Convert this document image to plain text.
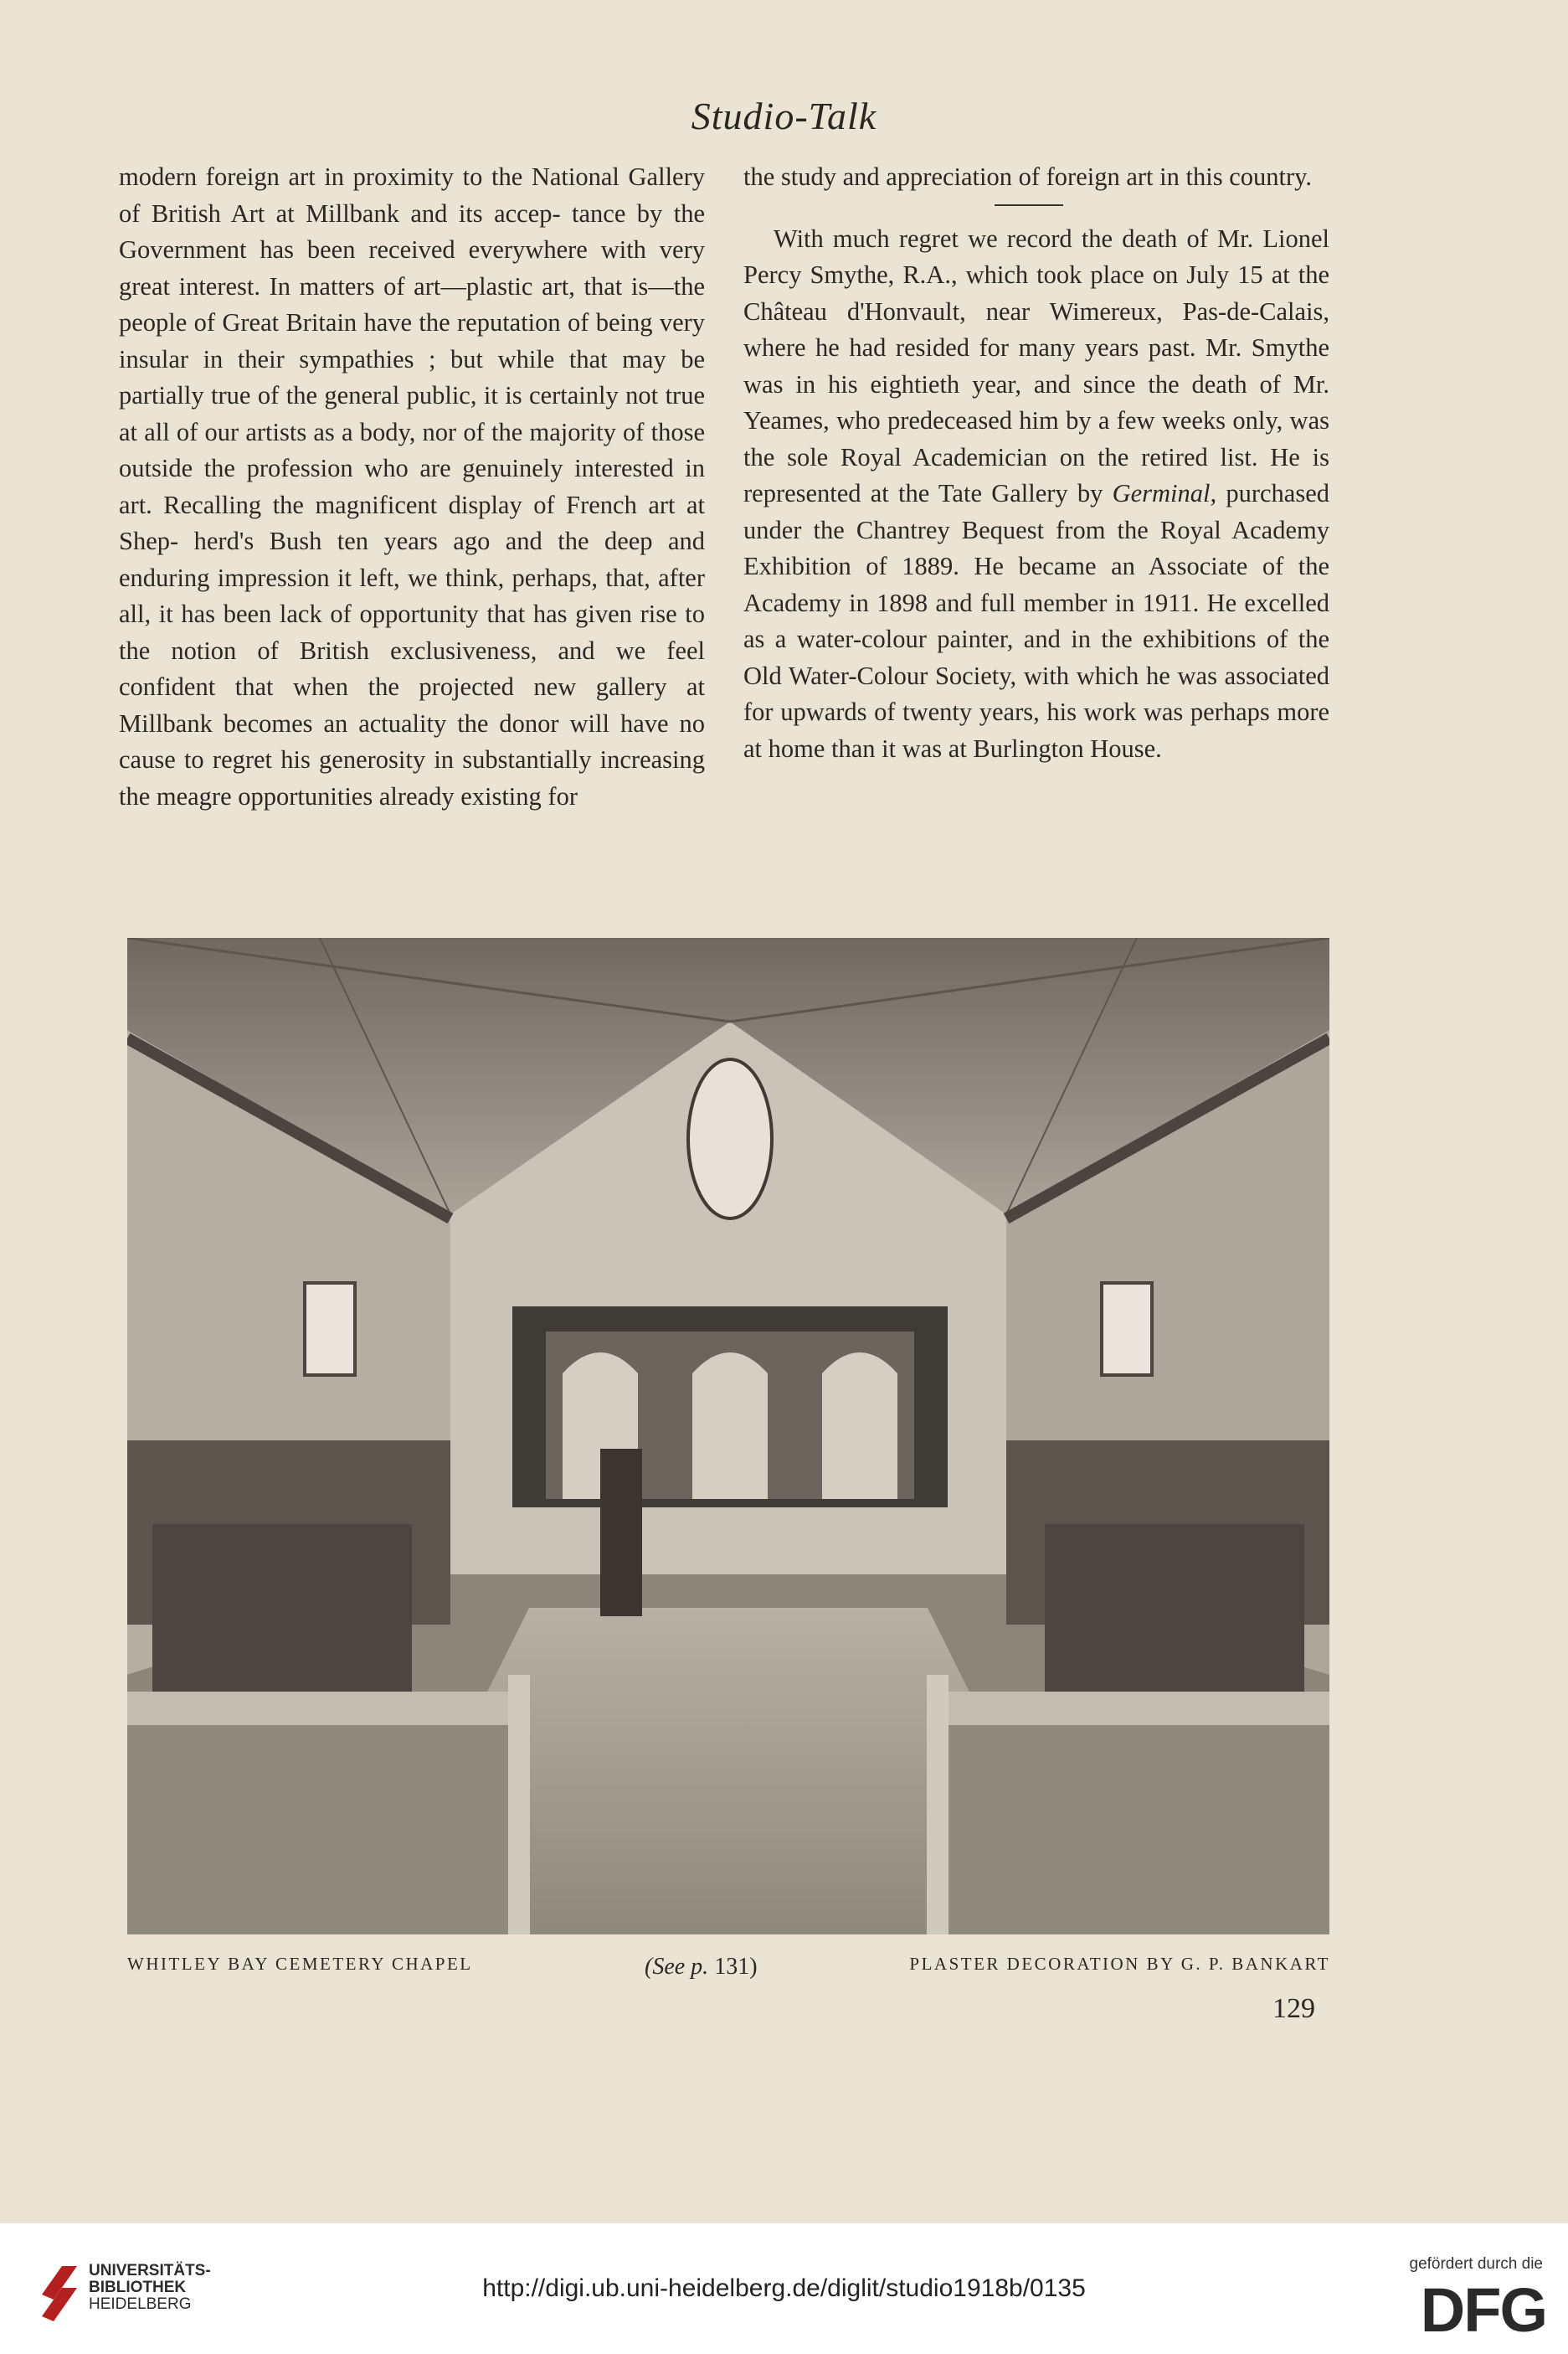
Studio-Talk

modern foreign art in proximity to the National Gallery of British Art at Millbank and its accep- tance by the Government has been received everywhere with very great interest. In matters of art—plastic art, that is—the people of Great Britain have the reputation of being very insular in their sympathies ; but while that may be partially true of the general public, it is certainly not true at all of our artists as a body, nor of the majority of those outside the profession who are genuinely interested in art. Recalling the magnificent display of French art at Shep- herd's Bush ten years ago and the deep and enduring impression it left, we think, perhaps, that, after all, it has been lack of opportunity that has given rise to the notion of British exclusiveness, and we feel confident that when the projected new gallery at Millbank becomes an actuality the donor will have no cause to regret his generosity in substantially increasing the meagre opportunities already existing for

the study and appreciation of foreign art in this country.

With much regret we record the death of Mr. Lionel Percy Smythe, R.A., which took place on July 15 at the Château d'Honvault, near Wimereux, Pas-de-Calais, where he had resided for many years past. Mr. Smythe was in his eightieth year, and since the death of Mr. Yeames, who predeceased him by a few weeks only, was the sole Royal Academician on the retired list. He is represented at the Tate Gallery by Germinal, purchased under the Chantrey Bequest from the Royal Academy Exhibition of 1889. He became an Associate of the Academy in 1898 and full member in 1911. He excelled as a water-colour painter, and in the exhibitions of the Old Water-Colour Society, with which he was associated for upwards of twenty years, his work was perhaps more at home than it was at Burlington House.

WHITLEY BAY CEMETERY CHAPEL	(See p. 131)	PLASTER DECORATION BY G. P. BANKART
129
UNIVERSITÄTS-
BIBLIOTHEK
HEIDELBERG
http://digi.ub.uni-heidelberg.de/diglit/studio1918b/0135
gefördert durch die
DFG
